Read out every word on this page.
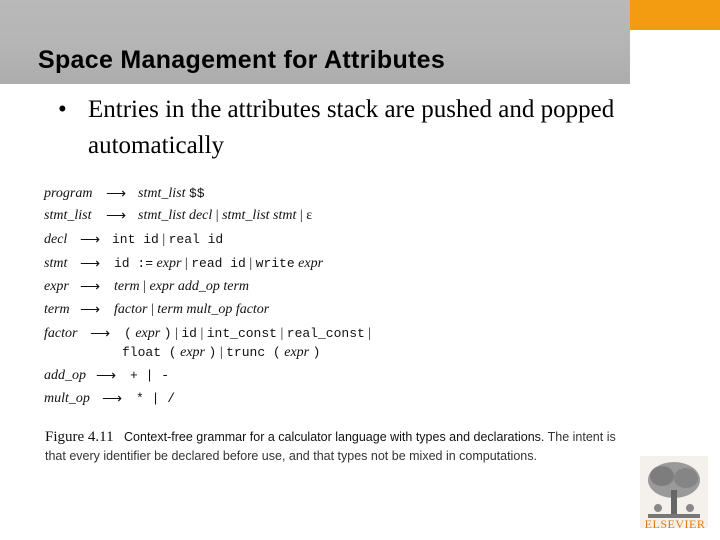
Space Management for Attributes
• Entries in the attributes stack are pushed and popped automatically
program ⟶ stmt_list $$
stmt_list ⟶ stmt_list decl | stmt_list stmt | ε
decl ⟶ int id | real id
stmt ⟶ id := expr | read id | write expr
expr ⟶ term | expr add_op term
term ⟶ factor | term mult_op factor
factor ⟶ ( expr ) | id | int_const | real_const |
float ( expr ) | trunc ( expr )
add_op ⟶ + | -
mult_op ⟶ * | /
Figure 4.11 Context-free grammar for a calculator language with types and declarations. The intent is that every identifier be declared before use, and that types not be mixed in computations.
ELSEVIER
